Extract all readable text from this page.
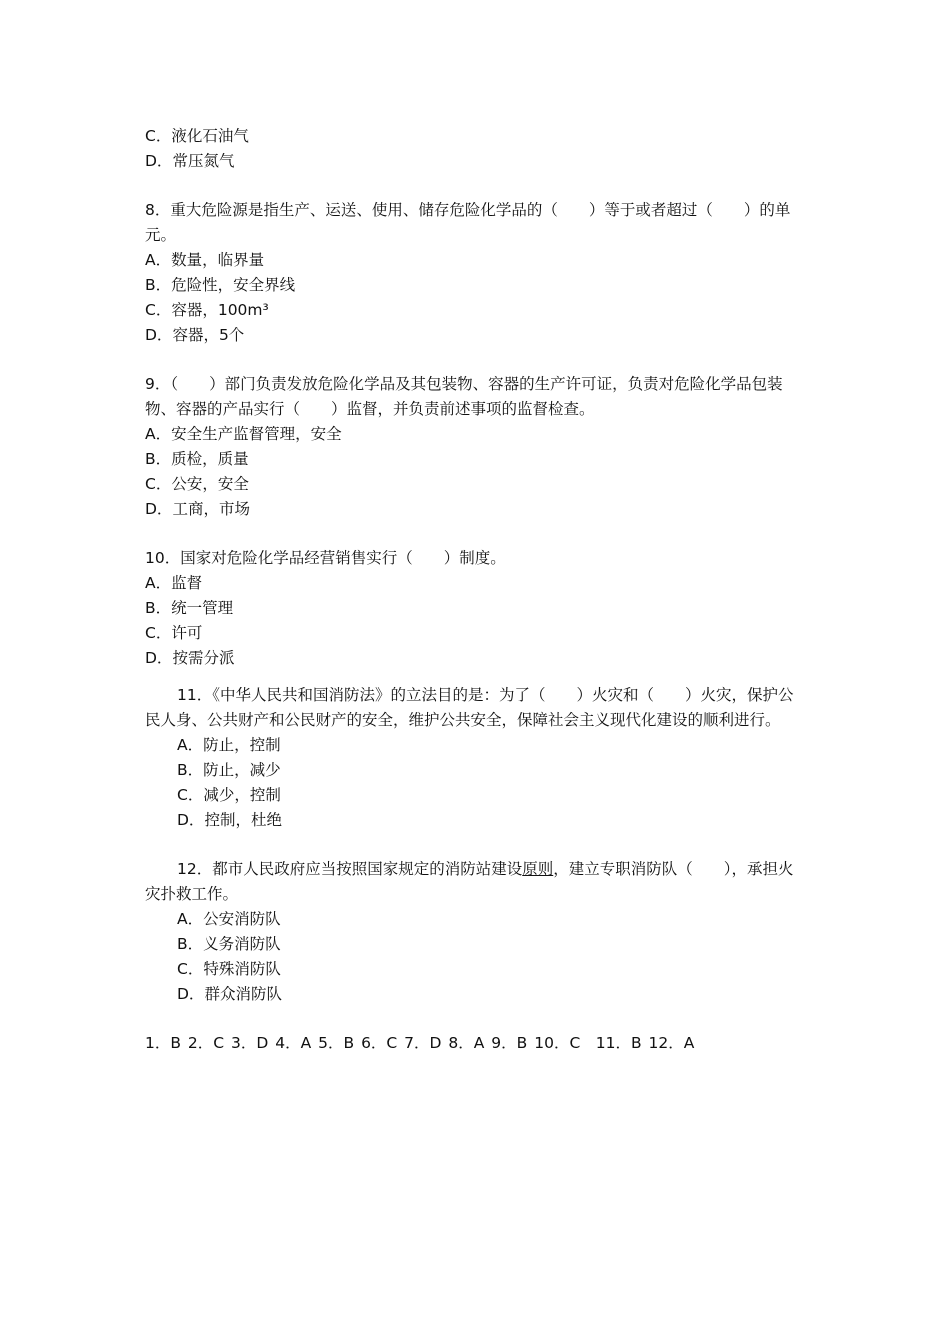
C．液化石油气
D．常压氮气
8．重大危险源是指生产、运送、使用、储存危险化学品的（　　）等于或者超过（　　）的单元。
A．数量，临界量
B．危险性，安全界线
C．容器，100m³
D．容器，5个
9．（　　）部门负责发放危险化学品及其包装物、容器的生产许可证，负责对危险化学品包装物、容器的产品实行（　　）监督，并负责前述事项的监督检查。
A．安全生产监督管理，安全
B．质检，质量
C．公安，安全
D．工商，市场
10．国家对危险化学品经营销售实行（　　）制度。
A．监督
B．统一管理
C．许可
D．按需分派
11．《中华人民共和国消防法》的立法目的是：为了（　　）火灾和（　　）火灾，保护公民人身、公共财产和公民财产的安全，维护公共安全，保障社会主义现代化建设的顺利进行。
A．防止，控制
B．防止，减少
C．减少，控制
D．控制，杜绝
12．都市人民政府应当按照国家规定的消防站建设原则，建立专职消防队（　　），承担火灾扑救工作。
A．公安消防队
B．义务消防队
C．特殊消防队
D．群众消防队
1．B 2．C 3．D 4．A 5．B 6．C 7．D 8．A 9．B 10．C　11．B 12．A
